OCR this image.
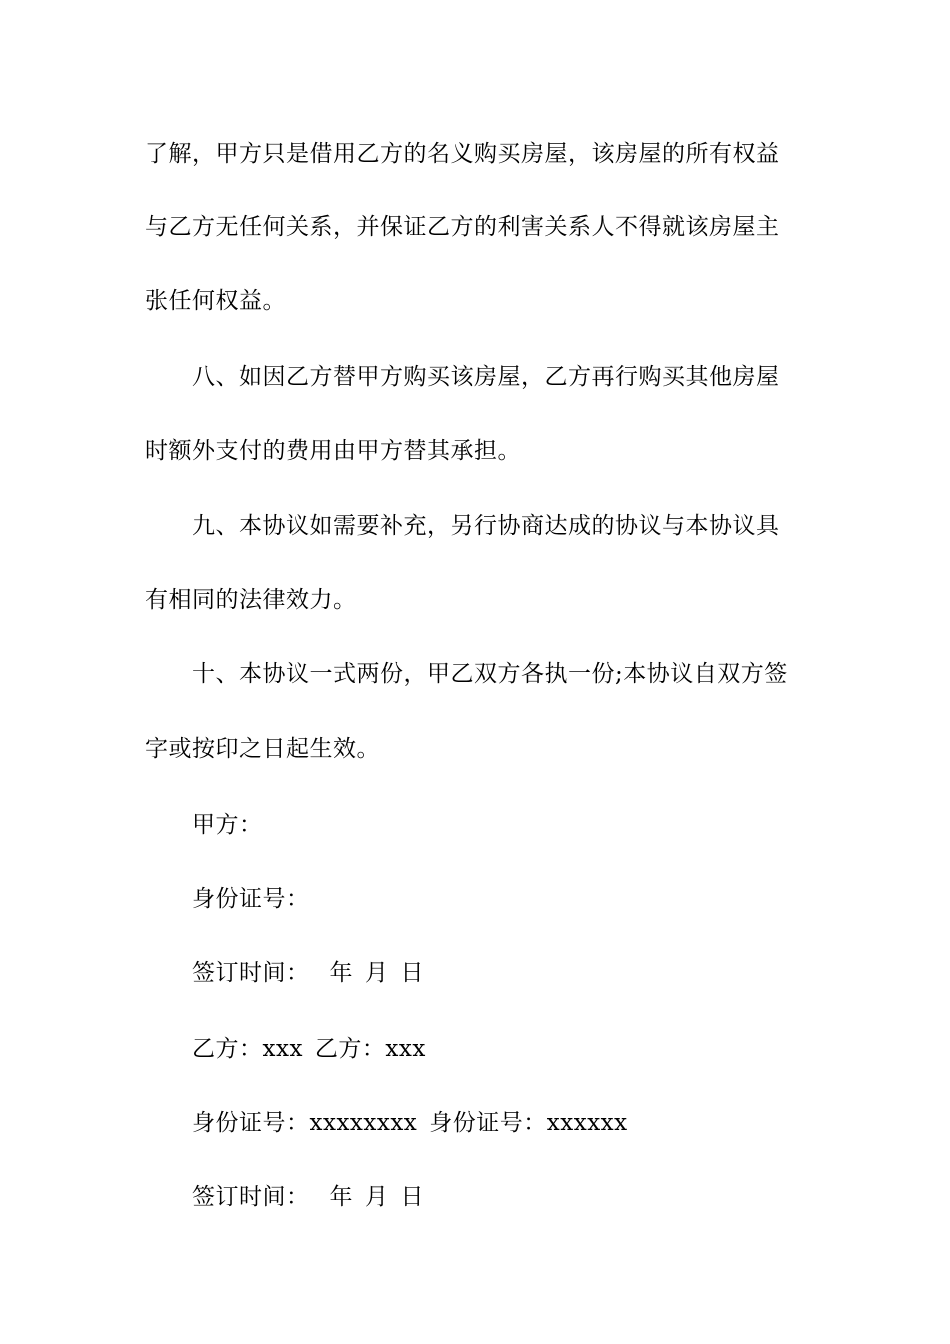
了解，甲方只是借用乙方的名义购买房屋，该房屋的所有权益
与乙方无任何关系，并保证乙方的利害关系人不得就该房屋主
张任何权益。
八、如因乙方替甲方购买该房屋，乙方再行购买其他房屋
时额外支付的费用由甲方替其承担。
九、本协议如需要补充，另行协商达成的协议与本协议具
有相同的法律效力。
十、本协议一式两份，甲乙双方各执一份;本协议自双方签
字或按印之日起生效。
甲方：
身份证号：
签订时间： 年 月 日
乙方：xxx 乙方：xxx
身份证号：xxxxxxxx 身份证号：xxxxxx
签订时间： 年 月 日
